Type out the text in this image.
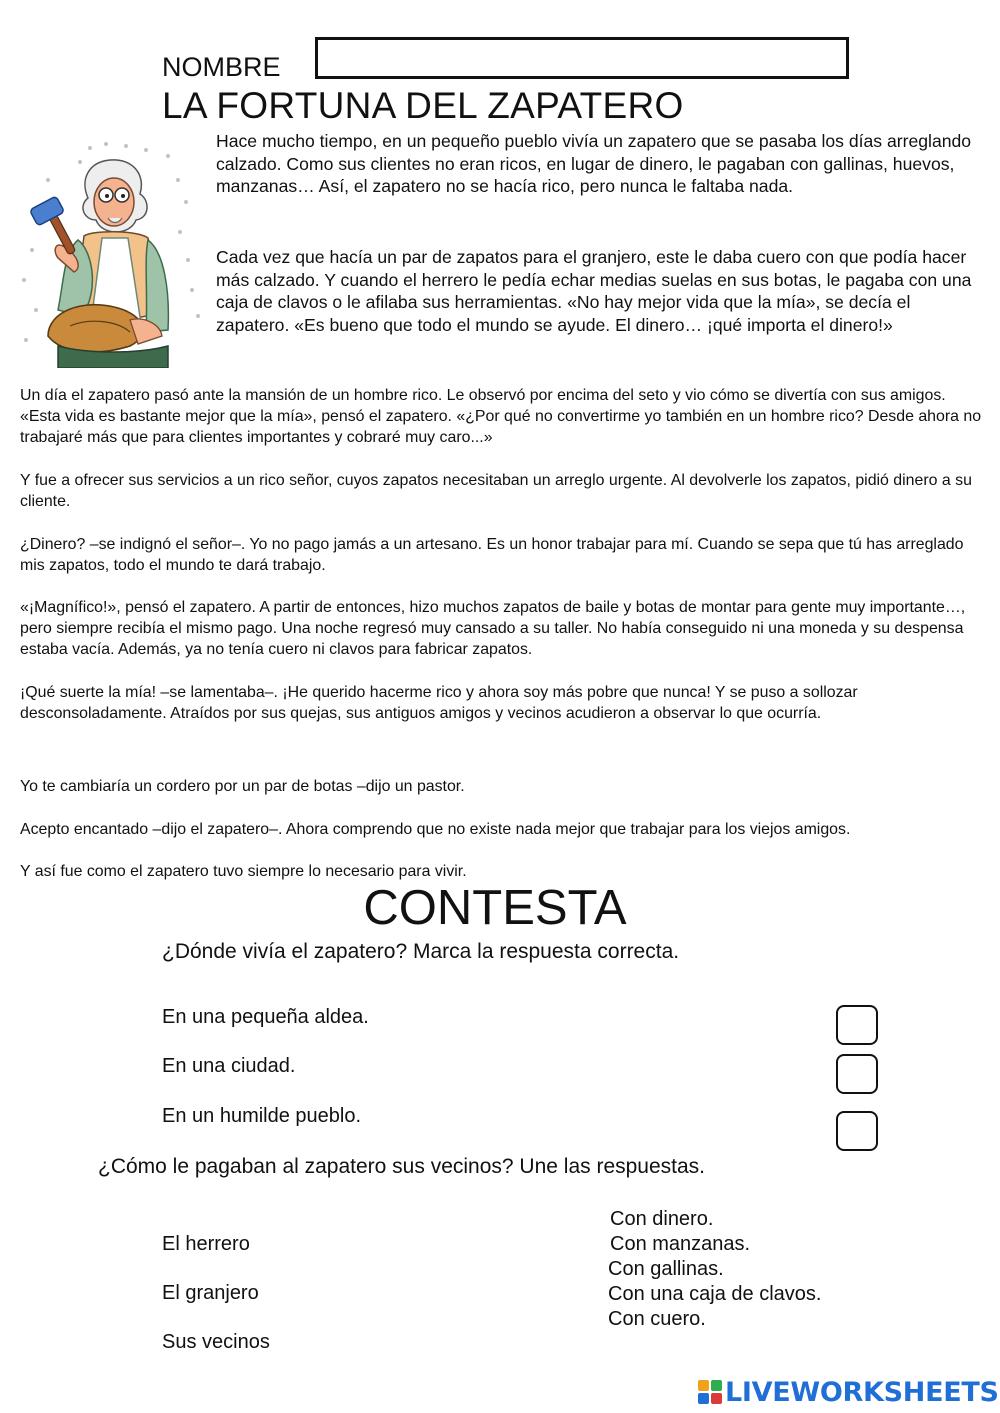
NOMBRE
LA FORTUNA DEL ZAPATERO

Hace mucho tiempo, en un pequeño pueblo vivía un zapatero que se pasaba los días arreglando calzado. Como sus clientes no eran ricos, en lugar de dinero, le pagaban con gallinas, huevos, manzanas… Así, el zapatero no se hacía rico, pero nunca le faltaba nada.

Cada vez que hacía un par de zapatos para el granjero, este le daba cuero con que podía hacer más calzado. Y cuando el herrero le pedía echar medias suelas en sus botas, le pagaba con una caja de clavos o le afilaba sus herramientas. «No hay mejor vida que la mía», se decía el zapatero. «Es bueno que todo el mundo se ayude. El dinero… ¡qué importa el dinero!»

Un día el zapatero pasó ante la mansión de un hombre rico. Le observó por encima del seto y vio cómo se divertía con sus amigos. «Esta vida es bastante mejor que la mía», pensó el zapatero. «¿Por qué no convertirme yo también en un hombre rico? Desde ahora no trabajaré más que para clientes importantes y cobraré muy caro...»

Y fue a ofrecer sus servicios a un rico señor, cuyos zapatos necesitaban un arreglo urgente. Al devolverle los zapatos, pidió dinero a su cliente.

¿Dinero? –se indignó el señor–. Yo no pago jamás a un artesano. Es un honor trabajar para mí. Cuando se sepa que tú has arreglado mis zapatos, todo el mundo te dará trabajo.

«¡Magnífico!», pensó el zapatero. A partir de entonces, hizo muchos zapatos de baile y botas de montar para gente muy importante…, pero siempre recibía el mismo pago. Una noche regresó muy cansado a su taller. No había conseguido ni una moneda y su despensa estaba vacía. Además, ya no tenía cuero ni clavos para fabricar zapatos.

¡Qué suerte la mía! –se lamentaba–. ¡He querido hacerme rico y ahora soy más pobre que nunca! Y se puso a sollozar desconsoladamente. Atraídos por sus quejas, sus antiguos amigos y vecinos acudieron a observar lo que ocurría.

Yo te cambiaría un cordero por un par de botas –dijo un pastor.

Acepto encantado –dijo el zapatero–. Ahora comprendo que no existe nada mejor que trabajar para los viejos amigos.

Y así fue como el zapatero tuvo siempre lo necesario para vivir.

CONTESTA
¿Dónde vivía el zapatero? Marca la respuesta correcta.
En una pequeña aldea.
En una ciudad.
En un humilde pueblo.
¿Cómo le pagaban al zapatero sus vecinos? Une las respuestas.
El herrero
El granjero
Sus vecinos
Con dinero.
Con manzanas.
Con gallinas.
Con una caja de clavos.
Con cuero.
LIVEWORKSHEETS
